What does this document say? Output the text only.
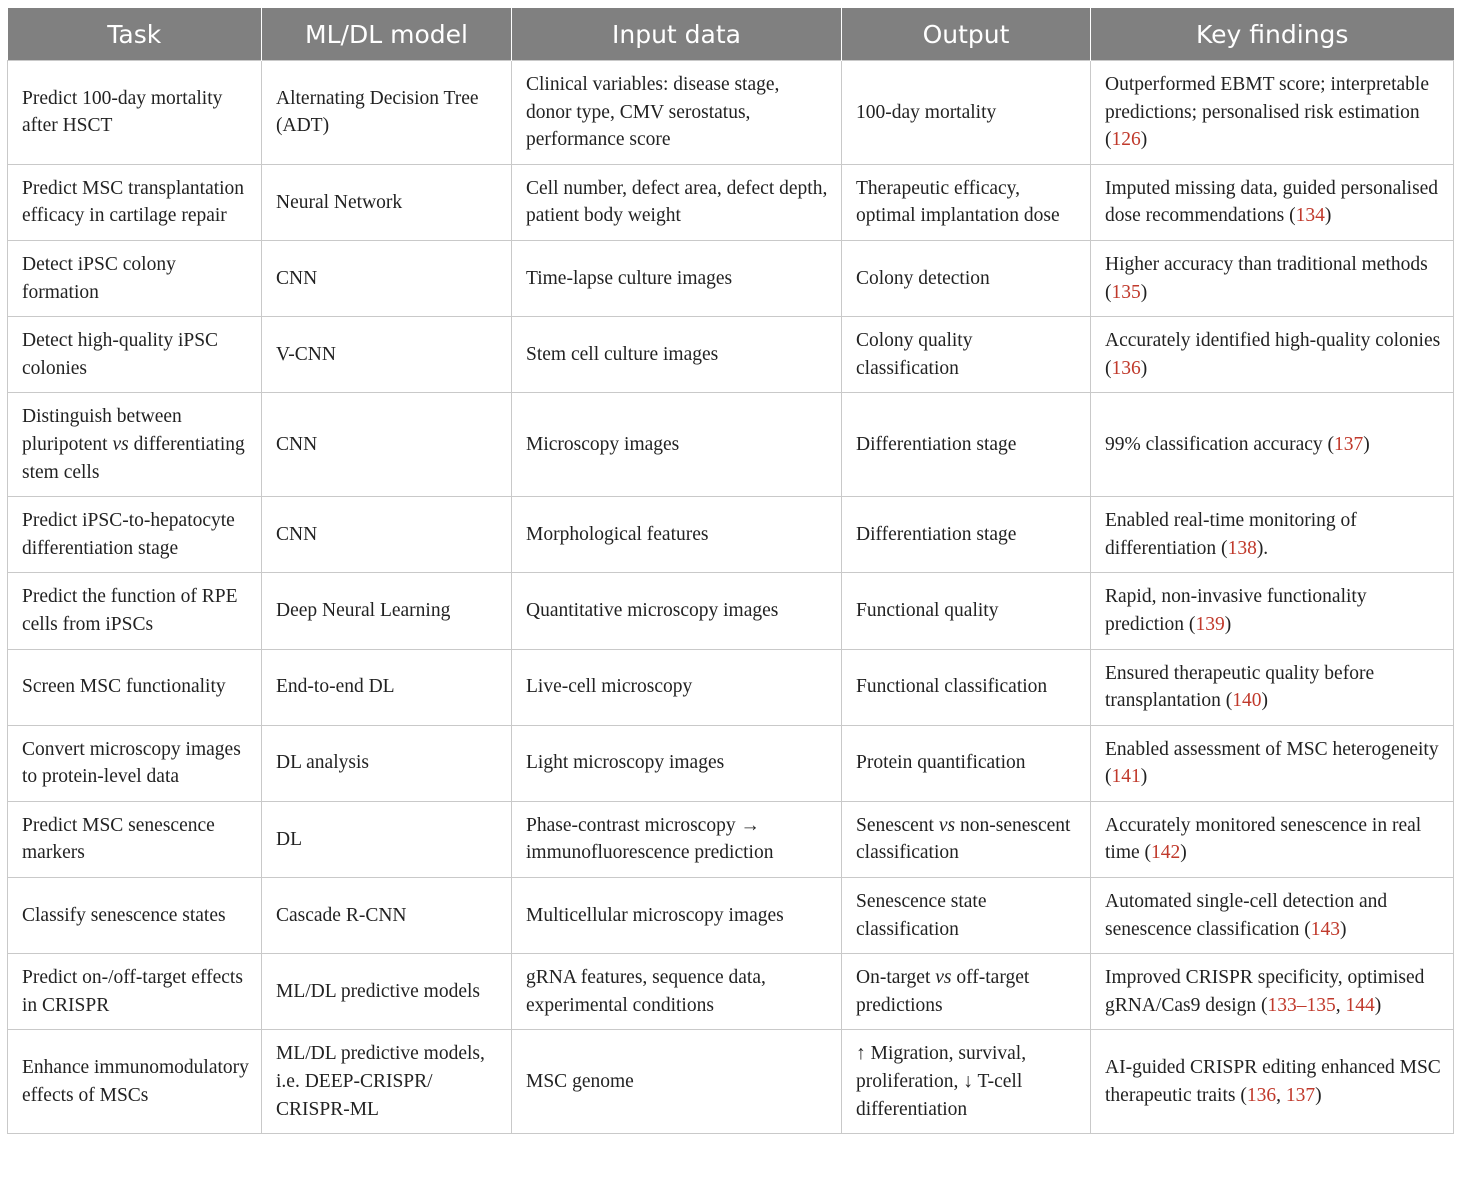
Task	ML/DL model	Input data	Output	Key findings
Predict 100-day mortality after HSCT	Alternating Decision Tree (ADT)	Clinical variables: disease stage, donor type, CMV serostatus, performance score	100-day mortality	Outperformed EBMT score; interpretable predictions; personalised risk estimation (126)
Predict MSC transplantation efficacy in cartilage repair	Neural Network	Cell number, defect area, defect depth, patient body weight	Therapeutic efficacy, optimal implantation dose	Imputed missing data, guided personalised dose recommendations (134)
Detect iPSC colony formation	CNN	Time-lapse culture images	Colony detection	Higher accuracy than traditional methods (135)
Detect high-quality iPSC colonies	V-CNN	Stem cell culture images	Colony quality classification	Accurately identified high-quality colonies (136)
Distinguish between pluripotent vs differentiating stem cells	CNN	Microscopy images	Differentiation stage	99% classification accuracy (137)
Predict iPSC-to-hepatocyte differentiation stage	CNN	Morphological features	Differentiation stage	Enabled real-time monitoring of differentiation (138).
Predict the function of RPE cells from iPSCs	Deep Neural Learning	Quantitative microscopy images	Functional quality	Rapid, non-invasive functionality prediction (139)
Screen MSC functionality	End-to-end DL	Live-cell microscopy	Functional classification	Ensured therapeutic quality before transplantation (140)
Convert microscopy images to protein-level data	DL analysis	Light microscopy images	Protein quantification	Enabled assessment of MSC heterogeneity (141)
Predict MSC senescence markers	DL	Phase-contrast microscopy → immunofluorescence prediction	Senescent vs non-senescent classification	Accurately monitored senescence in real time (142)
Classify senescence states	Cascade R-CNN	Multicellular microscopy images	Senescence state classification	Automated single-cell detection and senescence classification (143)
Predict on-/off-target effects in CRISPR	ML/DL predictive models	gRNA features, sequence data, experimental conditions	On-target vs off-target predictions	Improved CRISPR specificity, optimised gRNA/Cas9 design (133–135, 144)
Enhance immunomodulatory effects of MSCs	ML/DL predictive models, i.e. DEEP-CRISPR/ CRISPR-ML	MSC genome	↑ Migration, survival, proliferation, ↓ T-cell differentiation	AI-guided CRISPR editing enhanced MSC therapeutic traits (136, 137)
